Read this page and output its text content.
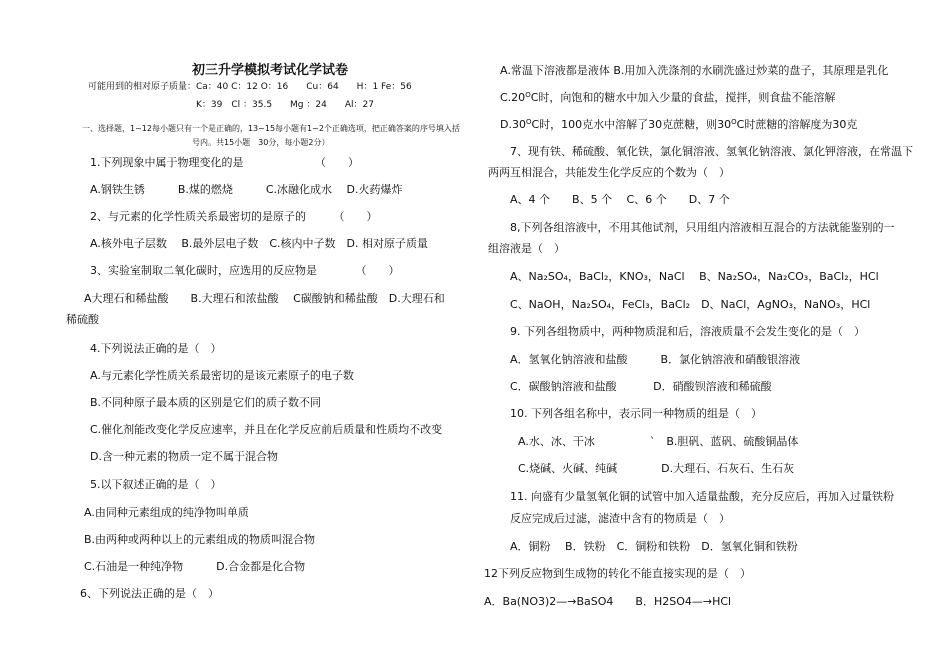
初三升学模拟考试化学试卷
可能用到的相对原子质量：Ca：40 C：12 O：16　　Cu：64　　H：1 Fe：56
K：39　Cl ：35.5　　Mg ：24　　Al：27
一、选择题，1~12每小题只有一个是正确的，13~15每小题有1~2个正确选项，把正确答案的序号填入括
号内。共15小题　30分，每小题2分）
1.下列现象中属于物理变化的是　　　　　　　（　　）
A.钢铁生锈　　　B.煤的燃烧　　　C.冰融化成水　 D.火药爆炸
2、与元素的化学性质关系最密切的是原子的　　　（　　）
A.核外电子层数　 B.最外层电子数　C.核内中子数　D. 相对原子质量
3、实验室制取二氧化碳时，应选用的反应物是　　　　（　　）
A大理石和稀盐酸　　B.大理石和浓盐酸　 C碳酸钠和稀盐酸　D.大理石和
稀硫酸
4.下列说法正确的是（　）
A.与元素化学性质关系最密切的是该元素原子的电子数
B.不同种原子最本质的区别是它们的质子数不同
C.催化剂能改变化学反应速率，并且在化学反应前后质量和性质均不改变
D.含一种元素的物质一定不属于混合物
5.以下叙述正确的是（　）
A.由同种元素组成的纯净物叫单质
B.由两种或两种以上的元素组成的物质叫混合物
C.石油是一种纯净物　　　D.合金都是化合物
6、下列说法正确的是（　）
A.常温下溶液都是液体 B.用加入洗涤剂的水刷洗盛过炒菜的盘子，其原理是乳化
$C.20^OC$时，向饱和的糖水中加入少量的食盐，搅拌，则食盐不能溶解
$D.30^OC$时，100克水中溶解了30克蔗糖，则$30^OC$时蔗糖的溶解度为30克
7、现有铁、稀硫酸、氧化铁，氯化铜溶液、氢氧化钠溶液、氯化钾溶液，在常温下
两两互相混合，共能发生化学反应的个数为（　）
A、4 个　　B、5 个　 C、6 个　　D、7 个
8,下列各组溶液中，不用其他试剂，只用组内溶液相互混合的方法就能鉴别的一
组溶液是（　）
A、Na₂SO₄，BaCl₂，KNO₃，NaCl　 B、Na₂SO₄，Na₂CO₃，BaCl₂，HCl
C、NaOH，Na₂SO₄，FeCl₃，BaCl₂　D、NaCl，AgNO₃，NaNO₃，HCl
9. 下列各组物质中，两种物质混和后，溶液质量不会发生变化的是（　）
A．氢氧化钠溶液和盐酸　　　B．氯化钠溶液和硝酸银溶液
C．碳酸钠溶液和盐酸　　　 D．硝酸钡溶液和稀硫酸
10. 下列各组名称中，表示同一种物质的组是（　）
A.水、冰、干冰　　　　　`　B.胆矾、蓝矾、硫酸铜晶体
C.烧碱、火碱、纯碱　　　　D.大理石、石灰石、生石灰
11. 向盛有少量氢氧化铜的试管中加入适量盐酸，充分反应后，再加入过量铁粉
反应完成后过滤，滤渣中含有的物质是（　）
A．铜粉　 B．铁粉　C．铜粉和铁粉　D．氢氧化铜和铁粉
12下列反应物到生成物的转化不能直接实现的是（　）
A．Ba(NO3)2—→BaSO4　　B．H2SO4—→HCl
